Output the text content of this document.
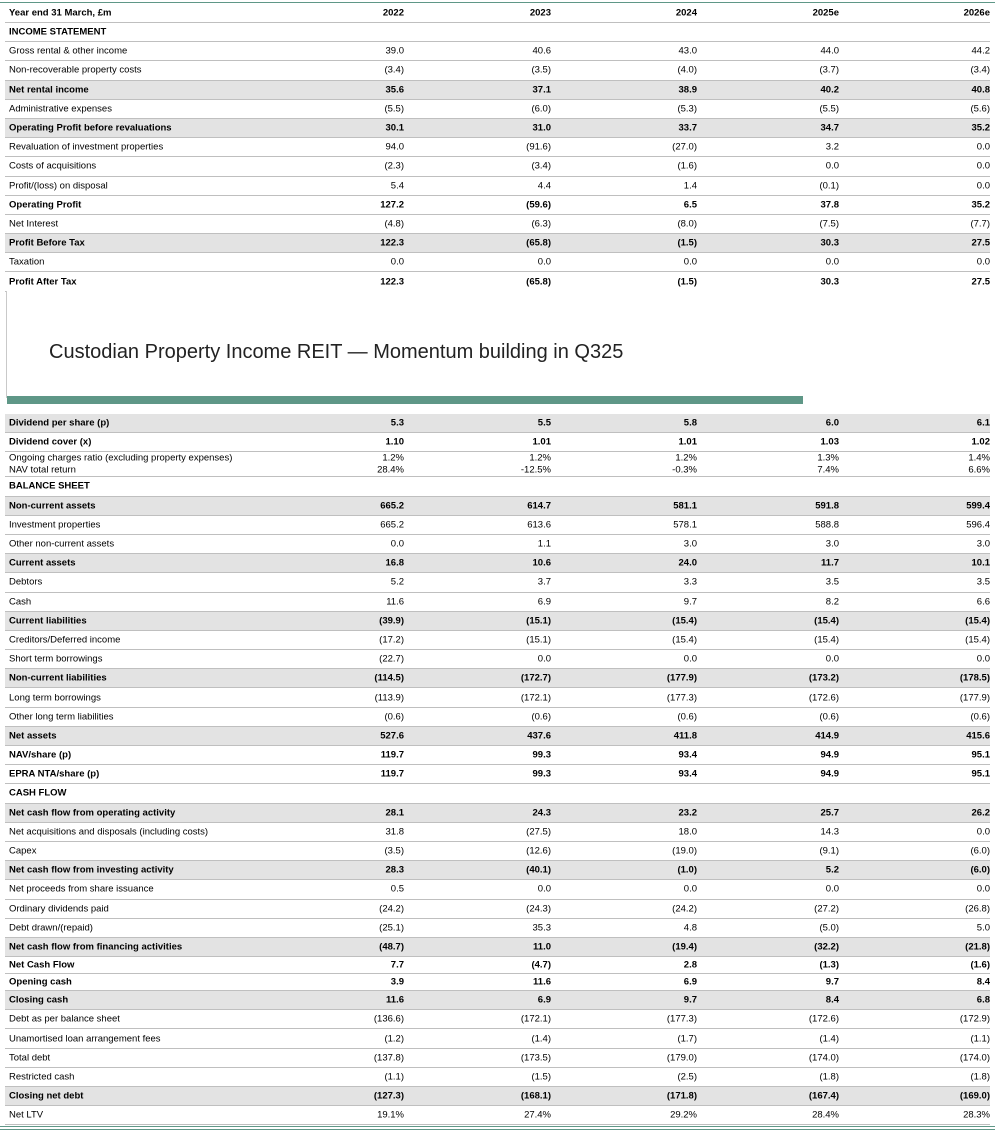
Year end 31 March, £m	2022	2023	2024	2025e	2026e
INCOME STATEMENT
Gross rental & other income	39.0	40.6	43.0	44.0	44.2
Non-recoverable property costs	(3.4)	(3.5)	(4.0)	(3.7)	(3.4)
Net rental income	35.6	37.1	38.9	40.2	40.8
Administrative expenses	(5.5)	(6.0)	(5.3)	(5.5)	(5.6)
Operating Profit before revaluations	30.1	31.0	33.7	34.7	35.2
Revaluation of investment properties	94.0	(91.6)	(27.0)	3.2	0.0
Costs of acquisitions	(2.3)	(3.4)	(1.6)	0.0	0.0
Profit/(loss) on disposal	5.4	4.4	1.4	(0.1)	0.0
Operating Profit	127.2	(59.6)	6.5	37.8	35.2
Net Interest	(4.8)	(6.3)	(8.0)	(7.5)	(7.7)
Profit Before Tax	122.3	(65.8)	(1.5)	30.3	27.5
Taxation	0.0	0.0	0.0	0.0	0.0
Profit After Tax	122.3	(65.8)	(1.5)	30.3	27.5
Custodian Property Income REIT — Momentum building in Q325
Dividend per share (p)	5.3	5.5	5.8	6.0	6.1
Dividend cover (x)	1.10	1.01	1.01	1.03	1.02
Ongoing charges ratio (excluding property expenses)	1.2%	1.2%	1.2%	1.3%	1.4%
NAV total return	28.4%	-12.5%	-0.3%	7.4%	6.6%
BALANCE SHEET
Non-current assets	665.2	614.7	581.1	591.8	599.4
Investment properties	665.2	613.6	578.1	588.8	596.4
Other non-current assets	0.0	1.1	3.0	3.0	3.0
Current assets	16.8	10.6	24.0	11.7	10.1
Debtors	5.2	3.7	3.3	3.5	3.5
Cash	11.6	6.9	9.7	8.2	6.6
Current liabilities	(39.9)	(15.1)	(15.4)	(15.4)	(15.4)
Creditors/Deferred income	(17.2)	(15.1)	(15.4)	(15.4)	(15.4)
Short term borrowings	(22.7)	0.0	0.0	0.0	0.0
Non-current liabilities	(114.5)	(172.7)	(177.9)	(173.2)	(178.5)
Long term borrowings	(113.9)	(172.1)	(177.3)	(172.6)	(177.9)
Other long term liabilities	(0.6)	(0.6)	(0.6)	(0.6)	(0.6)
Net assets	527.6	437.6	411.8	414.9	415.6
NAV/share (p)	119.7	99.3	93.4	94.9	95.1
EPRA NTA/share (p)	119.7	99.3	93.4	94.9	95.1
CASH FLOW
Net cash flow from operating activity	28.1	24.3	23.2	25.7	26.2
Net acquisitions and disposals (including costs)	31.8	(27.5)	18.0	14.3	0.0
Capex	(3.5)	(12.6)	(19.0)	(9.1)	(6.0)
Net cash flow from investing activity	28.3	(40.1)	(1.0)	5.2	(6.0)
Net proceeds from share issuance	0.5	0.0	0.0	0.0	0.0
Ordinary dividends paid	(24.2)	(24.3)	(24.2)	(27.2)	(26.8)
Debt drawn/(repaid)	(25.1)	35.3	4.8	(5.0)	5.0
Net cash flow from financing activities	(48.7)	11.0	(19.4)	(32.2)	(21.8)
Net Cash Flow	7.7	(4.7)	2.8	(1.3)	(1.6)
Opening cash	3.9	11.6	6.9	9.7	8.4
Closing cash	11.6	6.9	9.7	8.4	6.8
Debt as per balance sheet	(136.6)	(172.1)	(177.3)	(172.6)	(172.9)
Unamortised loan arrangement fees	(1.2)	(1.4)	(1.7)	(1.4)	(1.1)
Total debt	(137.8)	(173.5)	(179.0)	(174.0)	(174.0)
Restricted cash	(1.1)	(1.5)	(2.5)	(1.8)	(1.8)
Closing net debt	(127.3)	(168.1)	(171.8)	(167.4)	(169.0)
Net LTV	19.1%	27.4%	29.2%	28.4%	28.3%
